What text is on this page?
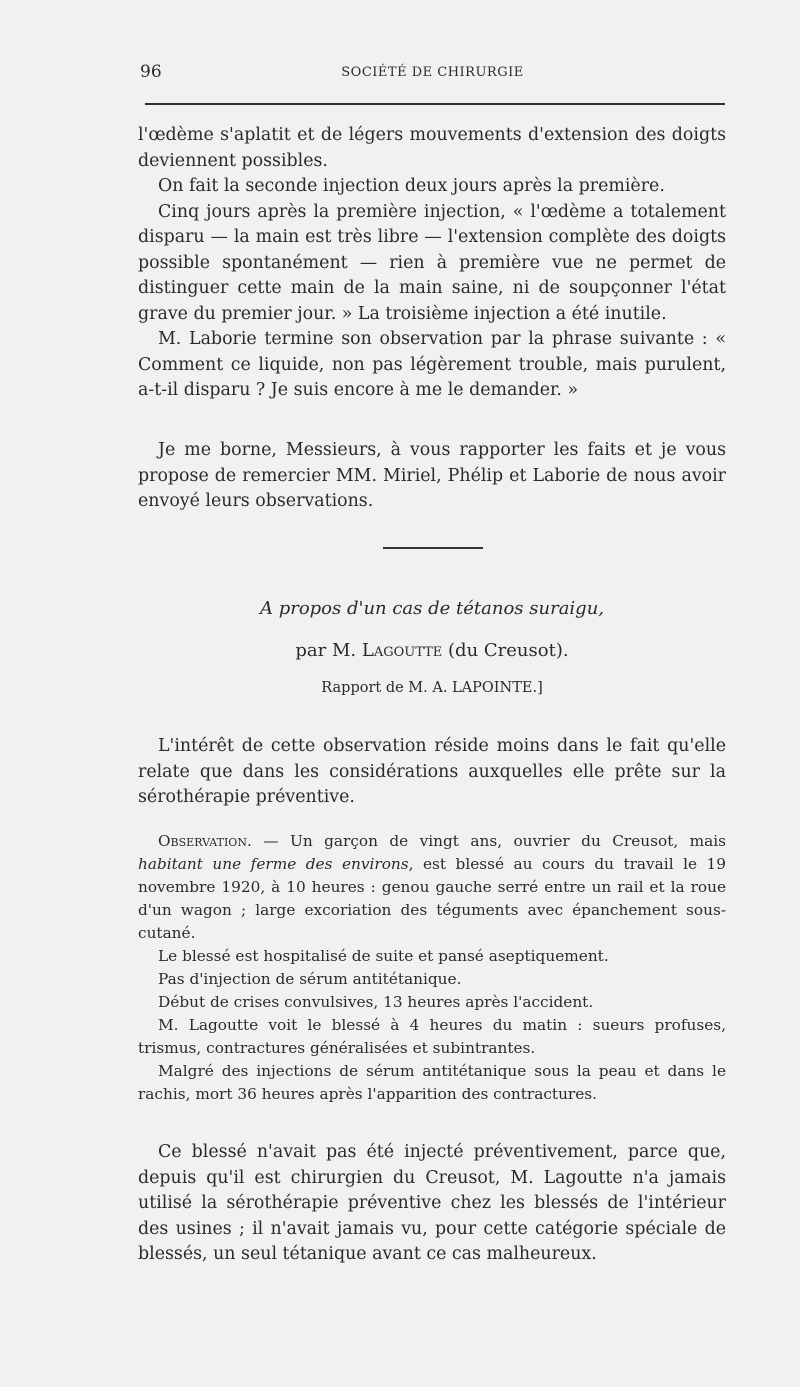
96	SOCIÉTÉ DE CHIRURGIE

l'œdème s'aplatit et de légers mouvements d'extension des doigts deviennent possibles.

On fait la seconde injection deux jours après la première.

Cinq jours après la première injection, « l'œdème a totalement disparu — la main est très libre — l'extension complète des doigts possible spontanément — rien à première vue ne permet de distinguer cette main de la main saine, ni de soupçonner l'état grave du premier jour. » La troisième injection a été inutile.

M. Laborie termine son observation par la phrase suivante : « Comment ce liquide, non pas légèrement trouble, mais purulent, a-t-il disparu ? Je suis encore à me le demander. »

Je me borne, Messieurs, à vous rapporter les faits et je vous propose de remercier MM. Miriel, Phélip et Laborie de nous avoir envoyé leurs observations.

A propos d'un cas de tétanos suraigu,
par M. Lagoutte (du Creusot).
Rapport de M. A. LAPOINTE.]

L'intérêt de cette observation réside moins dans le fait qu'elle relate que dans les considérations auxquelles elle prête sur la sérothérapie préventive.

Observation. — Un garçon de vingt ans, ouvrier du Creusot, mais habitant une ferme des environs, est blessé au cours du travail le 19 novembre 1920, à 10 heures : genou gauche serré entre un rail et la roue d'un wagon ; large excoriation des téguments avec épanchement sous-cutané.

Le blessé est hospitalisé de suite et pansé aseptiquement.

Pas d'injection de sérum antitétanique.

Début de crises convulsives, 13 heures après l'accident.

M. Lagoutte voit le blessé à 4 heures du matin : sueurs profuses, trismus, contractures généralisées et subintrantes.

Malgré des injections de sérum antitétanique sous la peau et dans le rachis, mort 36 heures après l'apparition des contractures.

Ce blessé n'avait pas été injecté préventivement, parce que, depuis qu'il est chirurgien du Creusot, M. Lagoutte n'a jamais utilisé la sérothérapie préventive chez les blessés de l'intérieur des usines ; il n'avait jamais vu, pour cette catégorie spéciale de blessés, un seul tétanique avant ce cas malheureux.
